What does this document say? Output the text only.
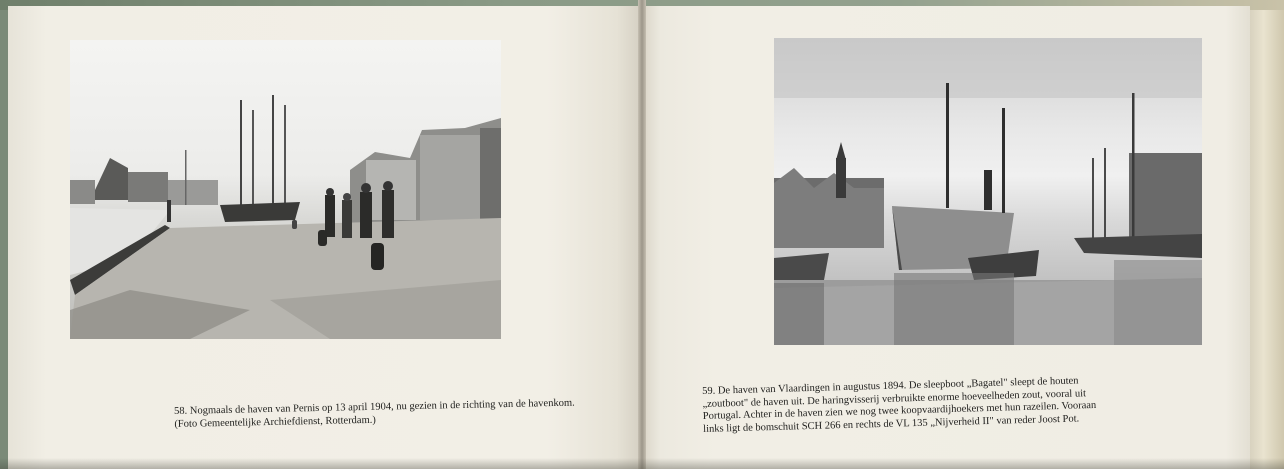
58. Nogmaals de haven van Pernis op 13 april 1904, nu gezien in de richting van de havenkom. (Foto Gemeentelijke Archiefdienst, Rotterdam.)

59. De haven van Vlaardingen in augustus 1894. De sleepboot „Bagatel" sleept de houten „zoutboot" de haven uit. De haringvisserij verbruikte enorme hoeveelheden zout, vooral uit Portugal. Achter in de haven zien we nog twee koopvaardijhoekers met hun razeilen. Vooraan links ligt de bomschuit SCH 266 en rechts de VL 135 „Nijverheid II" van reder Joost Pot.
